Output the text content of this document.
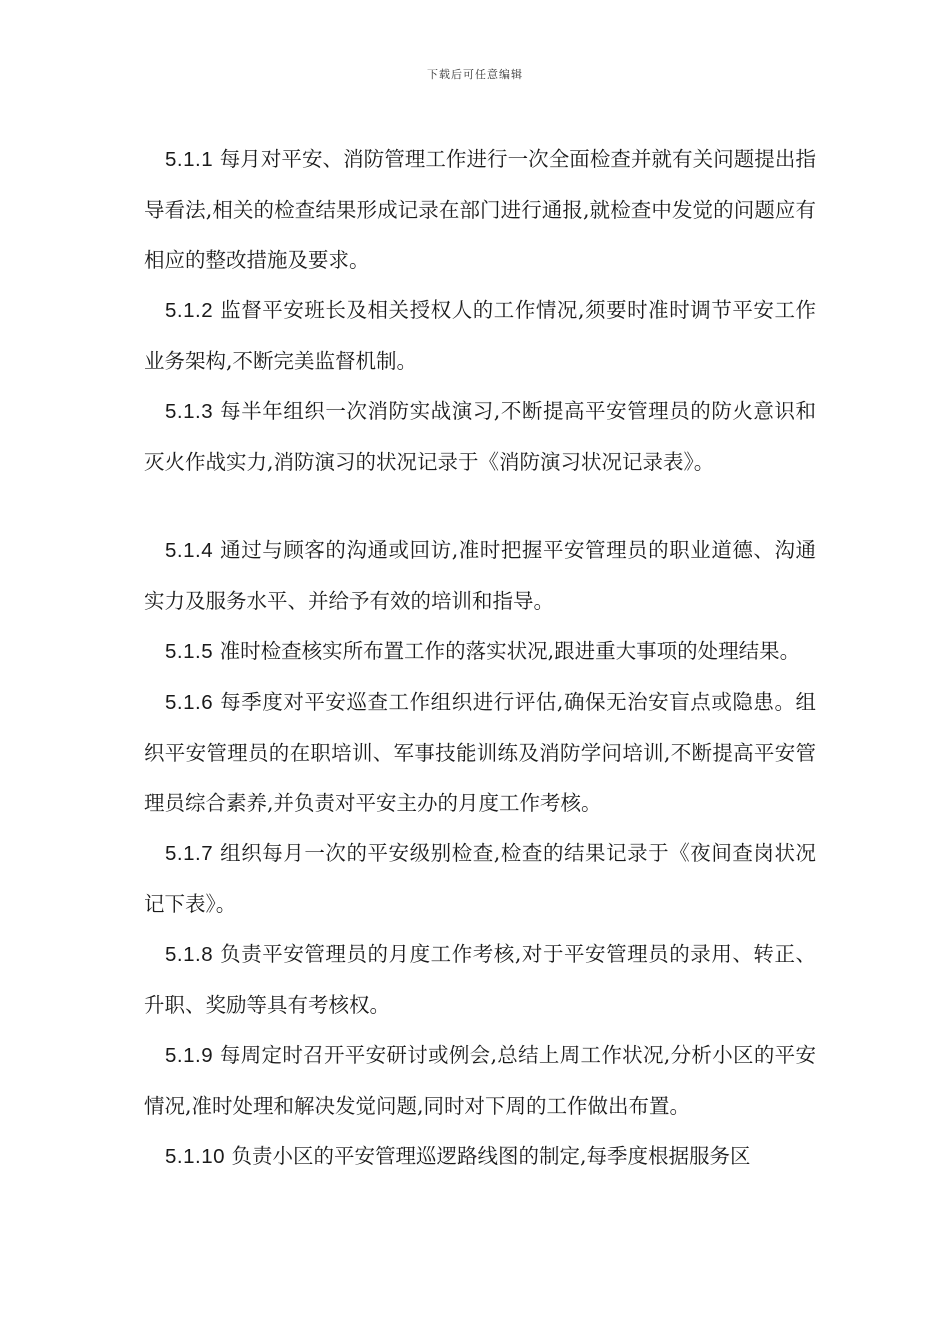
下载后可任意编辑

5.1.1 每月对平安、消防管理工作进行一次全面检查并就有关问题提出指导看法,相关的检查结果形成记录在部门进行通报,就检查中发觉的问题应有相应的整改措施及要求。

5.1.2 监督平安班长及相关授权人的工作情况,须要时准时调节平安工作业务架构,不断完美监督机制。

5.1.3 每半年组织一次消防实战演习,不断提高平安管理员的防火意识和灭火作战实力,消防演习的状况记录于《消防演习状况记录表》。

5.1.4 通过与顾客的沟通或回访,准时把握平安管理员的职业道德、沟通实力及服务水平、并给予有效的培训和指导。

5.1.5 准时检查核实所布置工作的落实状况,跟进重大事项的处理结果。

5.1.6 每季度对平安巡查工作组织进行评估,确保无治安盲点或隐患。组织平安管理员的在职培训、军事技能训练及消防学问培训,不断提高平安管理员综合素养,并负责对平安主办的月度工作考核。

5.1.7 组织每月一次的平安级别检查,检查的结果记录于《夜间查岗状况记下表》。

5.1.8 负责平安管理员的月度工作考核,对于平安管理员的录用、转正、升职、奖励等具有考核权。

5.1.9 每周定时召开平安研讨或例会,总结上周工作状况,分析小区的平安情况,准时处理和解决发觉问题,同时对下周的工作做出布置。

5.1.10 负责小区的平安管理巡逻路线图的制定,每季度根据服务区
